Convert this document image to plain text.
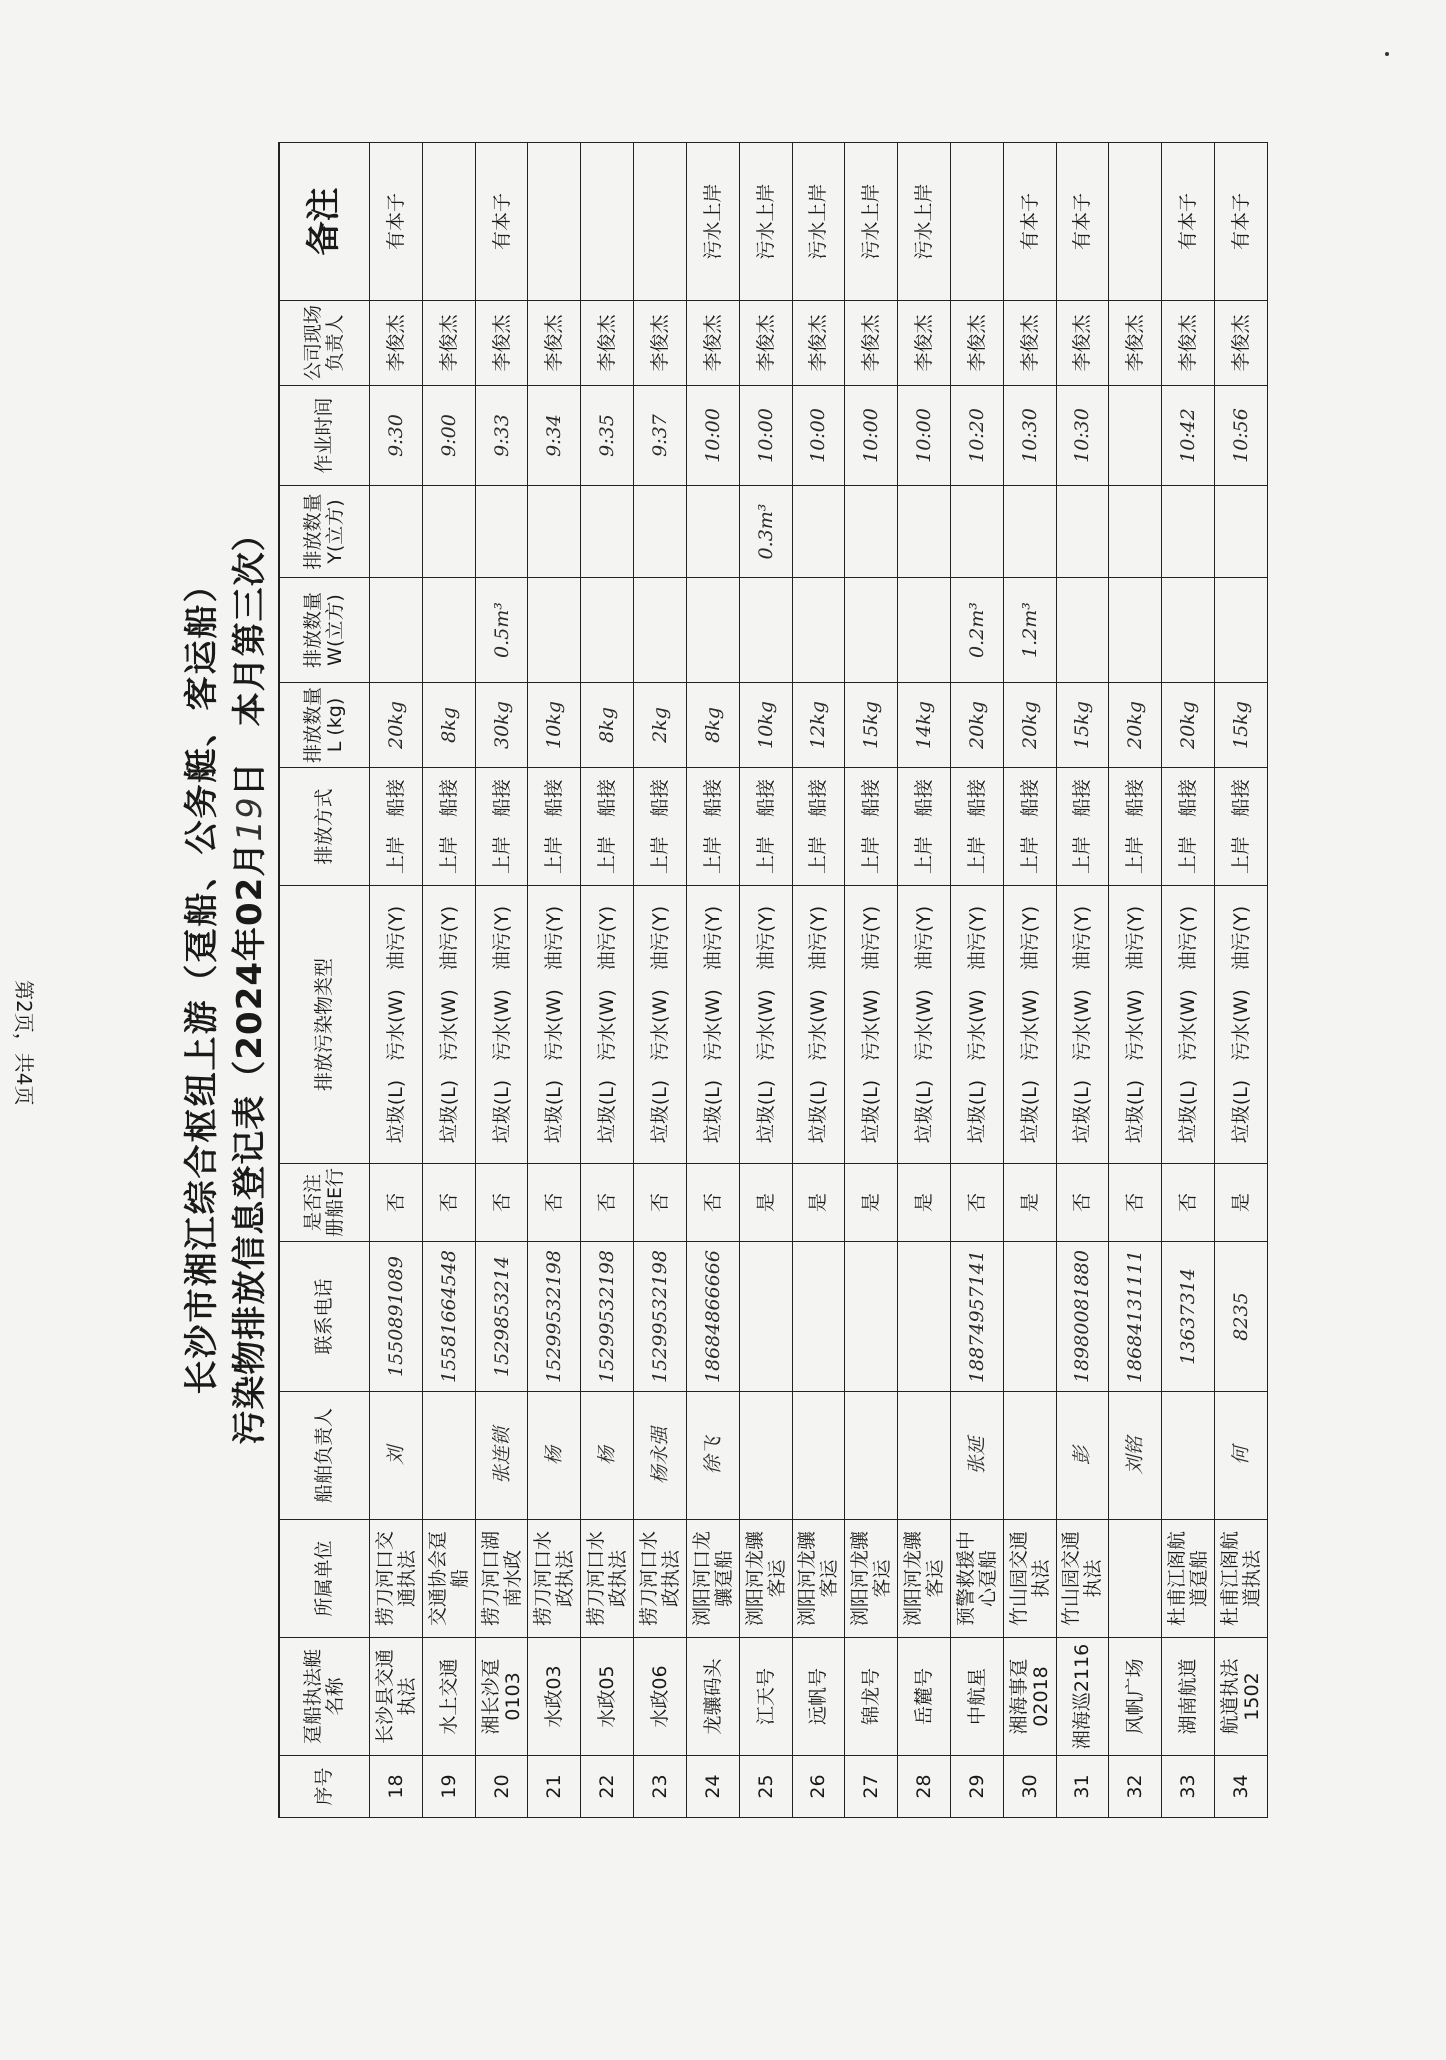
长沙市湘江综合枢纽上游（趸船、公务艇、客运船） 污染物排放信息登记表（2024年02月19日　本月第三次）
序号	趸船执法艇名称	所属单位	船舶负责人	联系电话	是否注册船E行	排放污染物类型	排放方式	排放数量L (kg)	排放数量W(立方)	排放数量Y(立方)	作业时间	公司现场负责人	备注
18	长沙县交通执法	捞刀河口交通执法	刘	1550891089	否	垃圾(L)　污水(W)　油污(Y)	上岸　船接	20kg			9:30	李俊杰	有本子
19	水上交通	交通协会趸船		15581664548	否	垃圾(L)　污水(W)　油污(Y)	上岸　船接	8kg			9:00	李俊杰	
20	湘长沙趸0103	捞刀河口湖南水政	张连锁	1529853214	否	垃圾(L)　污水(W)　油污(Y)	上岸　船接	30kg	0.5m³		9:33	李俊杰	有本子
21	水政03	捞刀河口水政执法	杨	15299532198	否	垃圾(L)　污水(W)　油污(Y)	上岸　船接	10kg			9:34	李俊杰	
22	水政05	捞刀河口水政执法	杨	15299532198	否	垃圾(L)　污水(W)　油污(Y)	上岸　船接	8kg			9:35	李俊杰	
23	水政06	捞刀河口水政执法	杨永强	15299532198	否	垃圾(L)　污水(W)　油污(Y)	上岸　船接	2kg			9:37	李俊杰	
24	龙骧码头	浏阳河口龙骧趸船	徐飞	18684866666	否	垃圾(L)　污水(W)　油污(Y)	上岸　船接	8kg			10:00	李俊杰	污水上岸
25	江天号	浏阳河龙骧客运			是	垃圾(L)　污水(W)　油污(Y)	上岸　船接	10kg		0.3m³	10:00	李俊杰	污水上岸
26	远帆号	浏阳河龙骧客运			是	垃圾(L)　污水(W)　油污(Y)	上岸　船接	12kg			10:00	李俊杰	污水上岸
27	锦龙号	浏阳河龙骧客运			是	垃圾(L)　污水(W)　油污(Y)	上岸　船接	15kg			10:00	李俊杰	污水上岸
28	岳麓号	浏阳河龙骧客运			是	垃圾(L)　污水(W)　油污(Y)	上岸　船接	14kg			10:00	李俊杰	污水上岸
29	中航星	预警救援中心趸船	张延	18874957141	否	垃圾(L)　污水(W)　油污(Y)	上岸　船接	20kg	0.2m³		10:20	李俊杰	
30	湘海事趸02018	竹山园交通执法			是	垃圾(L)　污水(W)　油污(Y)	上岸　船接	20kg	1.2m³		10:30	李俊杰	有本子
31	湘海巡2116	竹山园交通执法	彭	18980081880	否	垃圾(L)　污水(W)　油污(Y)	上岸　船接	15kg			10:30	李俊杰	有本子
32	风帆广场		刘铭	18684131111	否	垃圾(L)　污水(W)　油污(Y)	上岸　船接	20kg				李俊杰	
33	湖南航道	杜甫江阁航道趸船		13637314	否	垃圾(L)　污水(W)　油污(Y)	上岸　船接	20kg			10:42	李俊杰	有本子
34	航道执法1502	杜甫江阁航道执法	何	8235	是	垃圾(L)　污水(W)　油污(Y)	上岸　船接	15kg			10:56	李俊杰	有本子
第2页，共4页
